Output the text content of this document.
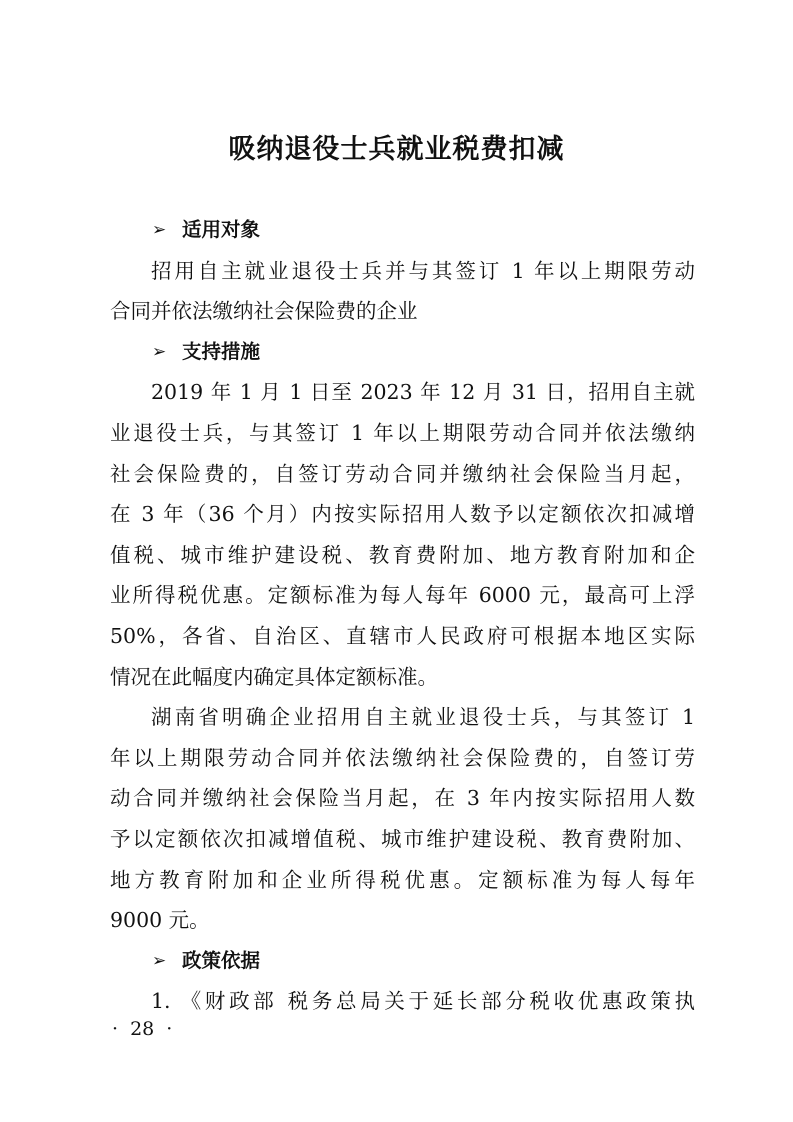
吸纳退役士兵就业税费扣减
➢ 适用对象
招用自主就业退役士兵并与其签订 1 年以上期限劳动
合同并依法缴纳社会保险费的企业
➢ 支持措施
2019 年 1 月 1 日至 2023 年 12 月 31 日，招用自主就
业退役士兵，与其签订 1 年以上期限劳动合同并依法缴纳
社会保险费的，自签订劳动合同并缴纳社会保险当月起，
在 3 年（36 个月）内按实际招用人数予以定额依次扣减增
值税、城市维护建设税、教育费附加、地方教育附加和企
业所得税优惠。定额标准为每人每年 6000 元，最高可上浮
50%，各省、自治区、直辖市人民政府可根据本地区实际
情况在此幅度内确定具体定额标准。
湖南省明确企业招用自主就业退役士兵，与其签订 1
年以上期限劳动合同并依法缴纳社会保险费的，自签订劳
动合同并缴纳社会保险当月起，在 3 年内按实际招用人数
予以定额依次扣减增值税、城市维护建设税、教育费附加、
地方教育附加和企业所得税优惠。定额标准为每人每年
9000 元。
➢ 政策依据
1. 《财政部 税务总局关于延长部分税收优惠政策执
· 28 ·
